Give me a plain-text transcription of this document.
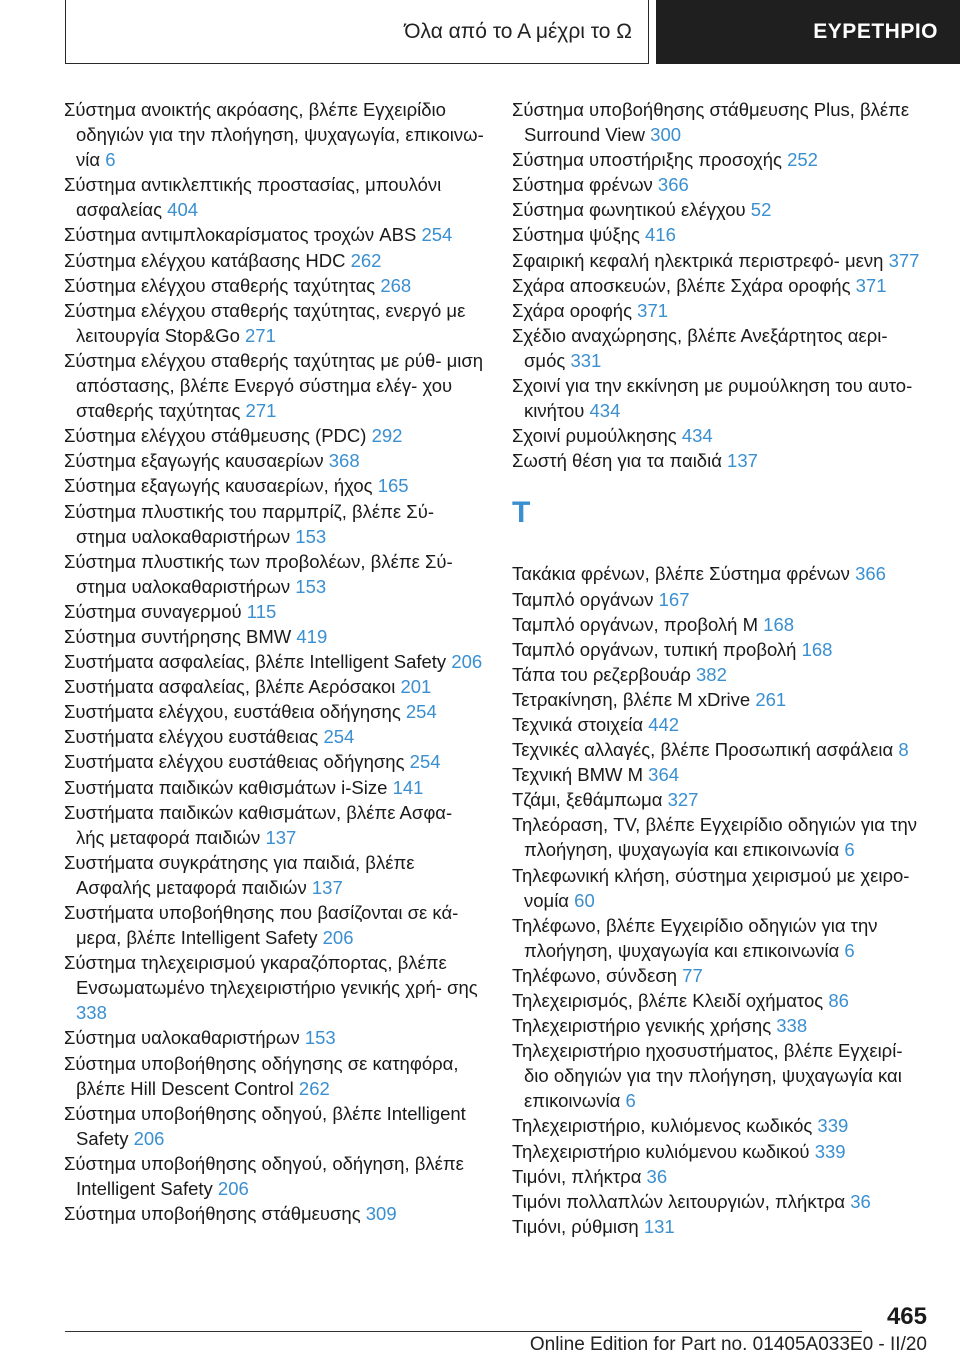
Όλα από το Α μέχρι το Ω	ΕΥΡΕΤΗΡΙΟ
Σύστημα ανοικτής ακρόασης, βλέπε Εγχειρίδιο οδηγιών για την πλοήγηση, ψυχαγωγία, επικοινω‐ νία 6
Σύστημα αντικλεπτικής προστασίας, μπουλόνι ασφαλείας 404
Σύστημα αντιμπλοκαρίσματος τροχών ABS 254
Σύστημα ελέγχου κατάβασης HDC 262
Σύστημα ελέγχου σταθερής ταχύτητας 268
Σύστημα ελέγχου σταθερής ταχύτητας, ενεργό με λειτουργία Stop&Go 271
Σύστημα ελέγχου σταθερής ταχύτητας με ρύθ‐ μιση απόστασης, βλέπε Ενεργό σύστημα ελέγ‐ χου σταθερής ταχύτητας 271
Σύστημα ελέγχου στάθμευσης (PDC) 292
Σύστημα εξαγωγής καυσαερίων 368
Σύστημα εξαγωγής καυσαερίων, ήχος 165
Σύστημα πλυστικής του παρμπρίζ, βλέπε Σύ‐ στημα υαλοκαθαριστήρων 153
Σύστημα πλυστικής των προβολέων, βλέπε Σύ‐ στημα υαλοκαθαριστήρων 153
Σύστημα συναγερμού 115
Σύστημα συντήρησης BMW 419
Συστήματα ασφαλείας, βλέπε Intelligent Safety 206
Συστήματα ασφαλείας, βλέπε Αερόσακοι 201
Συστήματα ελέγχου, ευστάθεια οδήγησης 254
Συστήματα ελέγχου ευστάθειας 254
Συστήματα ελέγχου ευστάθειας οδήγησης 254
Συστήματα παιδικών καθισμάτων i-Size 141
Συστήματα παιδικών καθισμάτων, βλέπε Ασφα‐ λής μεταφορά παιδιών 137
Συστήματα συγκράτησης για παιδιά, βλέπε Ασφαλής μεταφορά παιδιών 137
Συστήματα υποβοήθησης που βασίζονται σε κά‐ μερα, βλέπε Intelligent Safety 206
Σύστημα τηλεχειρισμού γκαραζόπορτας, βλέπε Ενσωματωμένο τηλεχειριστήριο γενικής χρή‐ σης 338
Σύστημα υαλοκαθαριστήρων 153
Σύστημα υποβοήθησης οδήγησης σε κατηφόρα, βλέπε Hill Descent Control 262
Σύστημα υποβοήθησης οδηγού, βλέπε Intelligent Safety 206
Σύστημα υποβοήθησης οδηγού, οδήγηση, βλέπε Intelligent Safety 206
Σύστημα υποβοήθησης στάθμευσης 309
Σύστημα υποβοήθησης στάθμευσης Plus, βλέπε Surround View 300
Σύστημα υποστήριξης προσοχής 252
Σύστημα φρένων 366
Σύστημα φωνητικού ελέγχου 52
Σύστημα ψύξης 416
Σφαιρική κεφαλή ηλεκτρικά περιστρεφό‐ μενη 377
Σχάρα αποσκευών, βλέπε Σχάρα οροφής 371
Σχάρα οροφής 371
Σχέδιο αναχώρησης, βλέπε Ανεξάρτητος αερι‐ σμός 331
Σχοινί για την εκκίνηση με ρυμούλκηση του αυτο‐ κινήτου 434
Σχοινί ρυμούλκησης 434
Σωστή θέση για τα παιδιά 137
T
Τακάκια φρένων, βλέπε Σύστημα φρένων 366
Ταμπλό οργάνων 167
Ταμπλό οργάνων, προβολή M 168
Ταμπλό οργάνων, τυπική προβολή 168
Τάπα του ρεζερβουάρ 382
Τετρακίνηση, βλέπε M xDrive 261
Τεχνικά στοιχεία 442
Τεχνικές αλλαγές, βλέπε Προσωπική ασφάλεια 8
Τεχνική BMW M 364
Τζάμι, ξεθάμπωμα 327
Τηλεόραση, TV, βλέπε Εγχειρίδιο οδηγιών για την πλοήγηση, ψυχαγωγία και επικοινωνία 6
Τηλεφωνική κλήση, σύστημα χειρισμού με χειρο‐ νομία 60
Τηλέφωνο, βλέπε Εγχειρίδιο οδηγιών για την πλοήγηση, ψυχαγωγία και επικοινωνία 6
Τηλέφωνο, σύνδεση 77
Τηλεχειρισμός, βλέπε Κλειδί οχήματος 86
Τηλεχειριστήριο γενικής χρήσης 338
Τηλεχειριστήριο ηχοσυστήματος, βλέπε Εγχειρί‐ διο οδηγιών για την πλοήγηση, ψυχαγωγία και επικοινωνία 6
Τηλεχειριστήριο, κυλιόμενος κωδικός 339
Τηλεχειριστήριο κυλιόμενου κωδικού 339
Τιμόνι, πλήκτρα 36
Τιμόνι πολλαπλών λειτουργιών, πλήκτρα 36
Τιμόνι, ρύθμιση 131
465
Online Edition for Part no. 01405A033E0 - II/20
